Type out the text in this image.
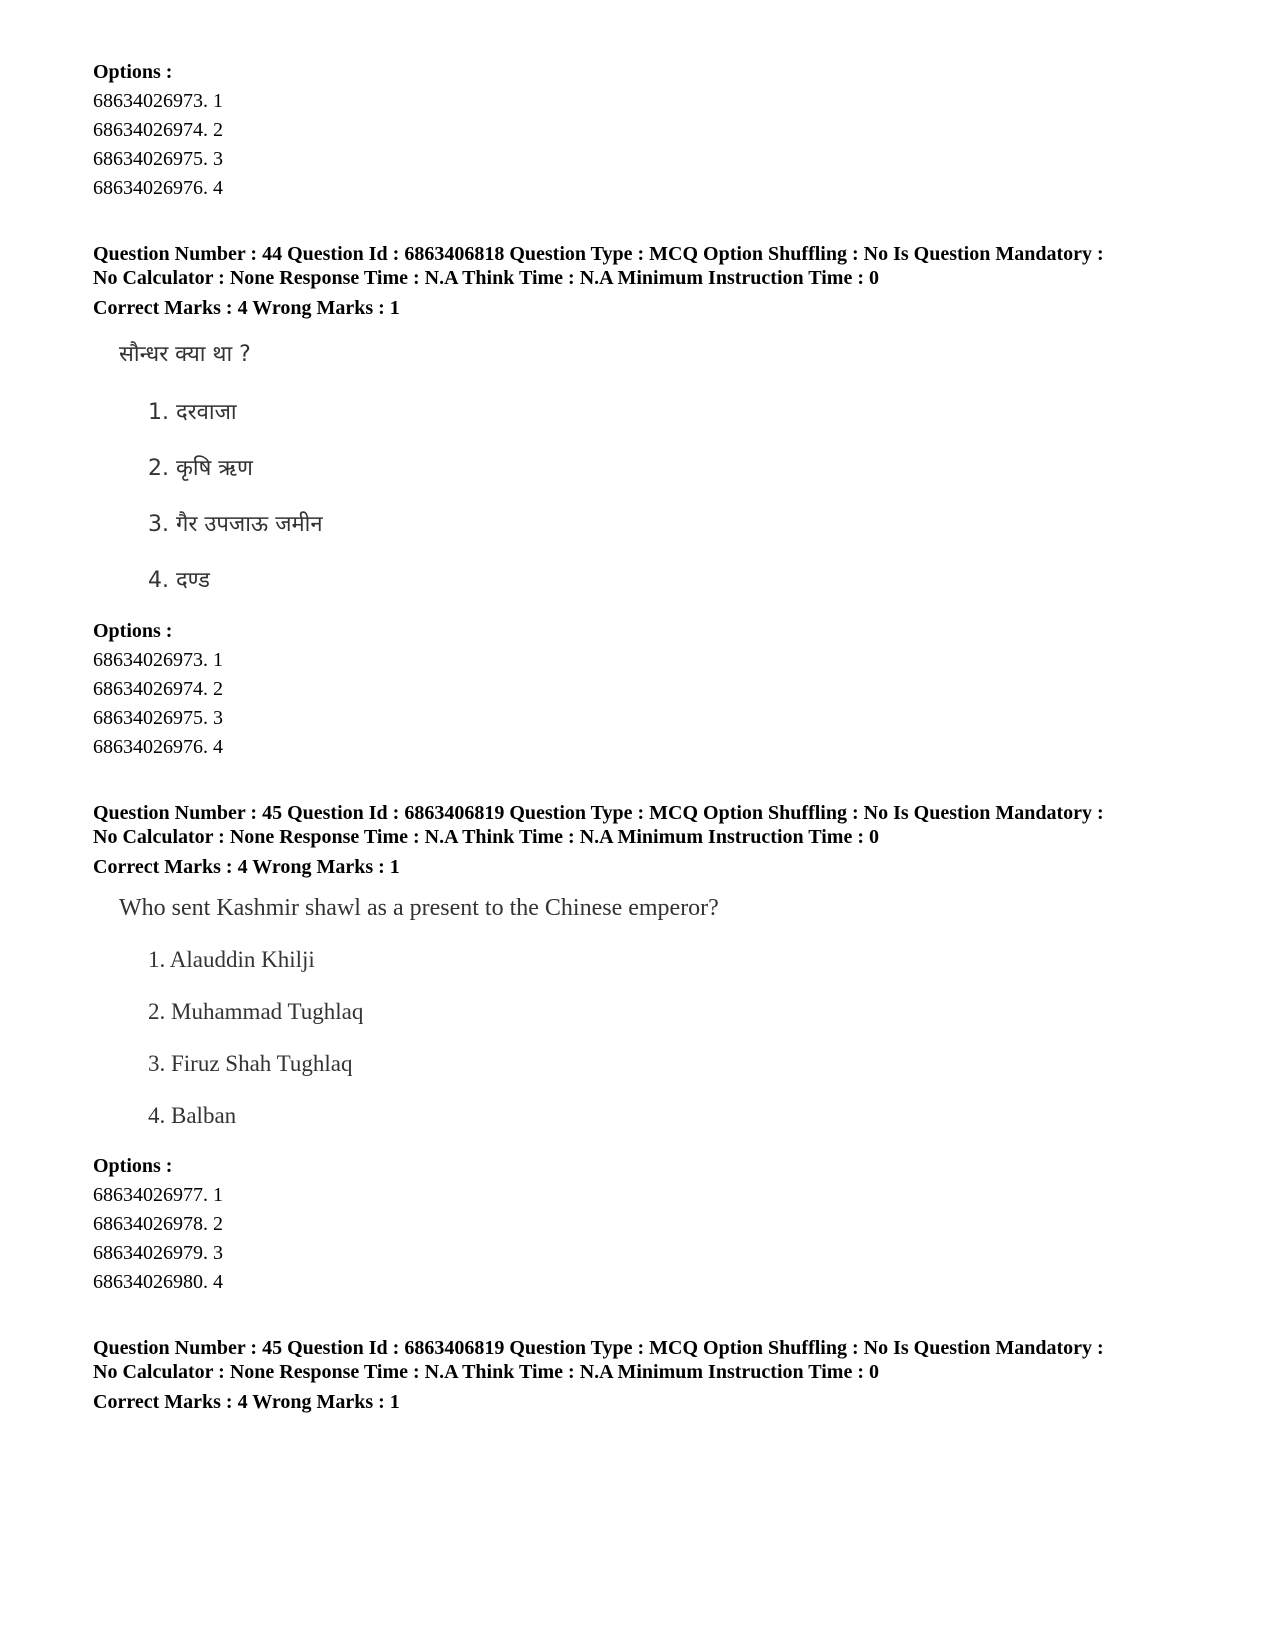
Options :
68634026973. 1
68634026974. 2
68634026975. 3
68634026976. 4
Question Number : 44 Question Id : 6863406818 Question Type : MCQ Option Shuffling : No Is Question Mandatory :
No Calculator : None Response Time : N.A Think Time : N.A Minimum Instruction Time : 0
Correct Marks : 4 Wrong Marks : 1
सौन्धर क्या था ?
1. दरवाजा
2. कृषि ऋण
3. गैर उपजाऊ जमीन
4. दण्ड
Options :
68634026973. 1
68634026974. 2
68634026975. 3
68634026976. 4
Question Number : 45 Question Id : 6863406819 Question Type : MCQ Option Shuffling : No Is Question Mandatory :
No Calculator : None Response Time : N.A Think Time : N.A Minimum Instruction Time : 0
Correct Marks : 4 Wrong Marks : 1
Who sent Kashmir shawl as a present to the Chinese emperor?
1. Alauddin Khilji
2. Muhammad Tughlaq
3. Firuz Shah Tughlaq
4. Balban
Options :
68634026977. 1
68634026978. 2
68634026979. 3
68634026980. 4
Question Number : 45 Question Id : 6863406819 Question Type : MCQ Option Shuffling : No Is Question Mandatory :
No Calculator : None Response Time : N.A Think Time : N.A Minimum Instruction Time : 0
Correct Marks : 4 Wrong Marks : 1
